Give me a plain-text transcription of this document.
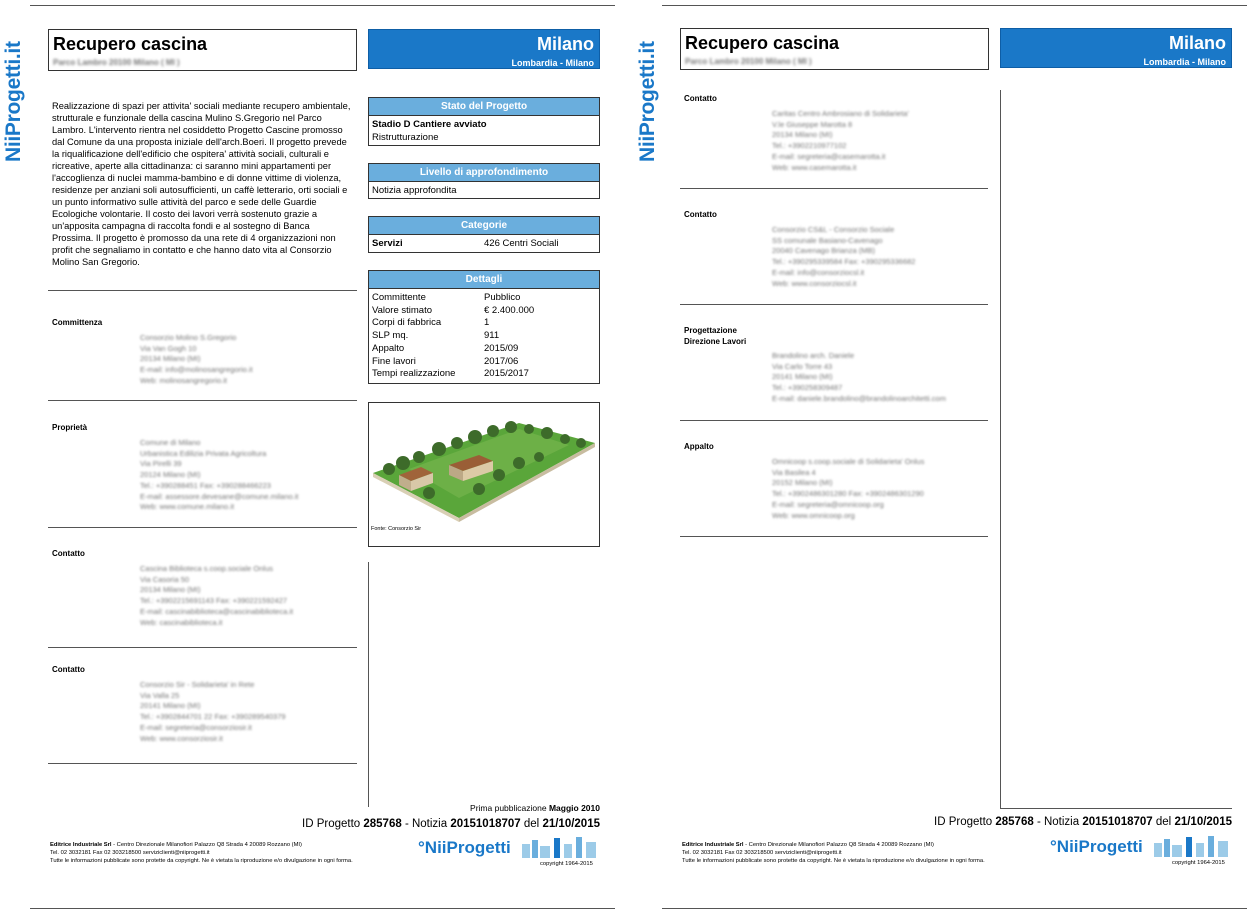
NiiProgetti.it Recupero cascina
Parco Lambro 20100 Milano ( MI )
Milano
Lombardia - Milano
Realizzazione di spazi per attivita' sociali mediante recupero ambientale, strutturale e funzionale della cascina Mulino S.Gregorio nel Parco Lambro. L'intervento rientra nel cosiddetto Progetto Cascine promosso dal Comune da una proposta iniziale dell'arch.Boeri. Il progetto prevede la riqualificazione dell'edificio che ospitera' attività sociali, culturali e ricreative, aperte alla cittadinanza: ci saranno mini appartamenti per l'accoglienza di nuclei mamma-bambino e di donne vittime di violenza, residenze per anziani soli autosufficienti, un caffè letterario, orti sociali e un punto informativo sulle attività del parco e sede delle Guardie Ecologiche volontarie. Il costo dei lavori verrà sostenuto grazie a un'apposita campagna di raccolta fondi e al sostegno di Banca Prossima. Il progetto è promosso da una rete di 4 organizzazioni non profit che segnaliamo in contatto e che hanno dato vita al Consorzio Molino San Gregorio.
Committenza
Consorzio Molino S.Gregorio
Via Van Gogh 10
20134 Milano (MI)
E-mail: info@molinosangregorio.it
Web: molinosangregorio.it
Proprietà
Comune di Milano
Urbanistica Edilizia Privata Agricoltura
Via Pirelli 39
20124 Milano (MI)
Tel.: +390288451 Fax: +390288466223
E-mail: assessore.devesane@comune.milano.it
Web: www.comune.milano.it
Contatto
Cascina Biblioteca s.coop.sociale Onlus
Via Casoria 50
20134 Milano (MI)
Tel.: +3902215691143 Fax: +390221592427
E-mail: cascinabiblioteca@cascinabiblioteca.it
Web: cascinabiblioteca.it
Contatto
Consorzio Sir - Solidarieta' in Rete
Via Valla 25
20141 Milano (MI)
Tel.: +3902844701 22 Fax: +390289540379
E-mail: segreteria@consorziosir.it
Web: www.consorziosir.it
Stato del Progetto
Stadio D Cantiere avviato
Ristrutturazione
Livello di approfondimento
Notizia approfondita
Categorie
Servizi	426 Centri Sociali
Dettagli
Committente	Pubblico
Valore stimato	€ 2.400.000
Corpi di fabbrica	1
SLP mq.	911
Appalto	2015/09
Fine lavori	2017/06
Tempi realizzazione	2015/2017
Fonte: Consorzio Sir
Prima pubblicazione Maggio 2010
ID Progetto 285768 - Notizia 20151018707 del 21/10/2015
Editrice Industriale Srl - Centro Direzionale Milanofiori Palazzo Q8 Strada 4 20089 Rozzano (MI)
Tel. 02 3032181 Fax 02 303218500 serviziclienti@niiprogetti.it
Tutte le informazioni pubblicate sono protette da copyright. Ne è vietata la riproduzione e/o divulgazione in ogni forma.
°NiiProgetti
copyright 1964-2015
NiiProgetti.it Recupero cascina
Parco Lambro 20100 Milano ( MI )
Milano
Lombardia - Milano
Contatto
Caritas Centro Ambrosiano di Solidarieta'
V.le Giuseppe Marotta 8
20134 Milano (MI)
Tel.: +3902210977102
E-mail: segreteria@casemarotta.it
Web: www.casemarotta.it
Contatto
Consorzio CS&L - Consorzio Sociale
SS comunale Basiano-Cavenago
20040 Cavenago Brianza (MB)
Tel.: +390295339584 Fax: +390295336682
E-mail: info@consorziocsl.it
Web: www.consorziocsl.it
Progettazione
Direzione Lavori
Brandolino arch. Daniele
Via Carlo Torre 43
20141 Milano (MI)
Tel.: +390258309487
E-mail: daniele.brandolino@brandolinoarchitetti.com
Appalto
Omnicoop s.coop.sociale di Solidarieta' Onlus
Via Basilea 4
20152 Milano (MI)
Tel.: +3902486301280 Fax: +3902486301290
E-mail: segreteria@omnicoop.org
Web: www.omnicoop.org
ID Progetto 285768 - Notizia 20151018707 del 21/10/2015
Editrice Industriale Srl - Centro Direzionale Milanofiori Palazzo Q8 Strada 4 20089 Rozzano (MI)
Tel. 02 3032181 Fax 02 303218500 serviziclienti@niiprogetti.it
Tutte le informazioni pubblicate sono protette da copyright. Ne è vietata la riproduzione e/o divulgazione in ogni forma.
°NiiProgetti
copyright 1964-2015
